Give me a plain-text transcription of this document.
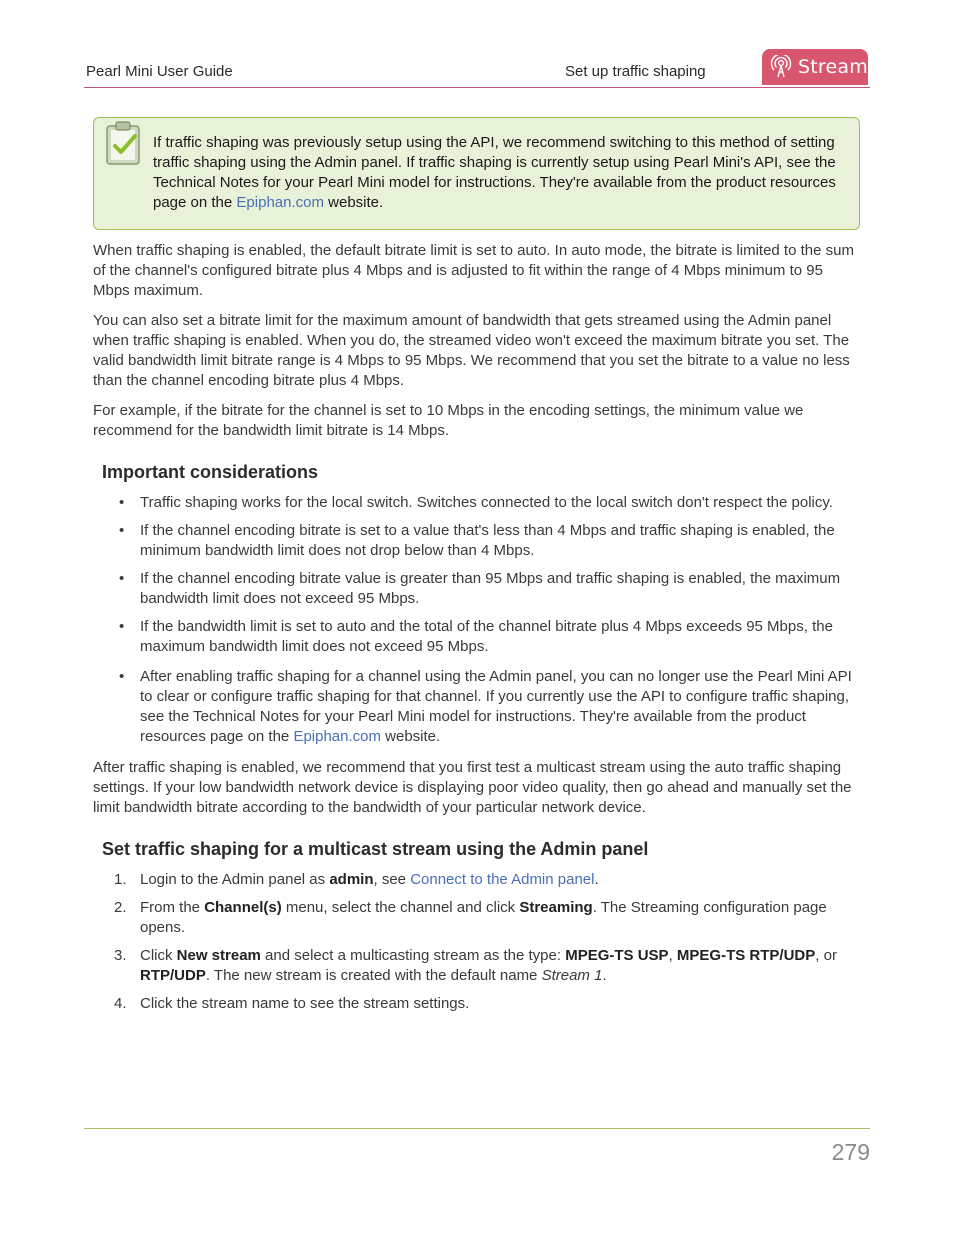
Pearl Mini User Guide	Set up traffic shaping	Stream
If traffic shaping was previously setup using the API, we recommend switching to this method of setting traffic shaping using the Admin panel. If traffic shaping is currently setup using Pearl Mini's API, see the Technical Notes for your Pearl Mini model for instructions. They're available from the product resources page on the Epiphan.com website.
When traffic shaping is enabled, the default bitrate limit is set to auto. In auto mode, the bitrate is limited to the sum of the channel's configured bitrate plus 4 Mbps and is adjusted to fit within the range of 4 Mbps minimum to 95 Mbps maximum.
You can also set a bitrate limit for the maximum amount of bandwidth that gets streamed using the Admin panel when traffic shaping is enabled. When you do, the streamed video won't exceed the maximum bitrate you set. The valid bandwidth limit bitrate range is 4 Mbps to 95 Mbps. We recommend that you set the bitrate to a value no less than the channel encoding bitrate plus 4 Mbps.
For example, if the bitrate for the channel is set to 10 Mbps in the encoding settings, the minimum value we recommend for the bandwidth limit bitrate is 14 Mbps.
Important considerations
• Traffic shaping works for the local switch. Switches connected to the local switch don't respect the policy.
• If the channel encoding bitrate is set to a value that's less than 4 Mbps and traffic shaping is enabled, the minimum bandwidth limit does not drop below than 4 Mbps.
• If the channel encoding bitrate value is greater than 95 Mbps and traffic shaping is enabled, the maximum bandwidth limit does not exceed 95 Mbps.
• If the bandwidth limit is set to auto and the total of the channel bitrate plus 4 Mbps exceeds 95 Mbps, the maximum bandwidth limit does not exceed 95 Mbps.
• After enabling traffic shaping for a channel using the Admin panel, you can no longer use the Pearl Mini API to clear or configure traffic shaping for that channel. If you currently use the API to configure traffic shaping, see the Technical Notes for your Pearl Mini model for instructions. They're available from the product resources page on the Epiphan.com website.
After traffic shaping is enabled, we recommend that you first test a multicast stream using the auto traffic shaping settings. If your low bandwidth network device is displaying poor video quality, then go ahead and manually set the limit bandwidth bitrate according to the bandwidth of your particular network device.
Set traffic shaping for a multicast stream using the Admin panel
1. Login to the Admin panel as admin, see Connect to the Admin panel.
2. From the Channel(s) menu, select the channel and click Streaming. The Streaming configuration page opens.
3. Click New stream and select a multicasting stream as the type: MPEG-TS USP, MPEG-TS RTP/UDP, or RTP/UDP. The new stream is created with the default name Stream 1.
4. Click the stream name to see the stream settings.
279
